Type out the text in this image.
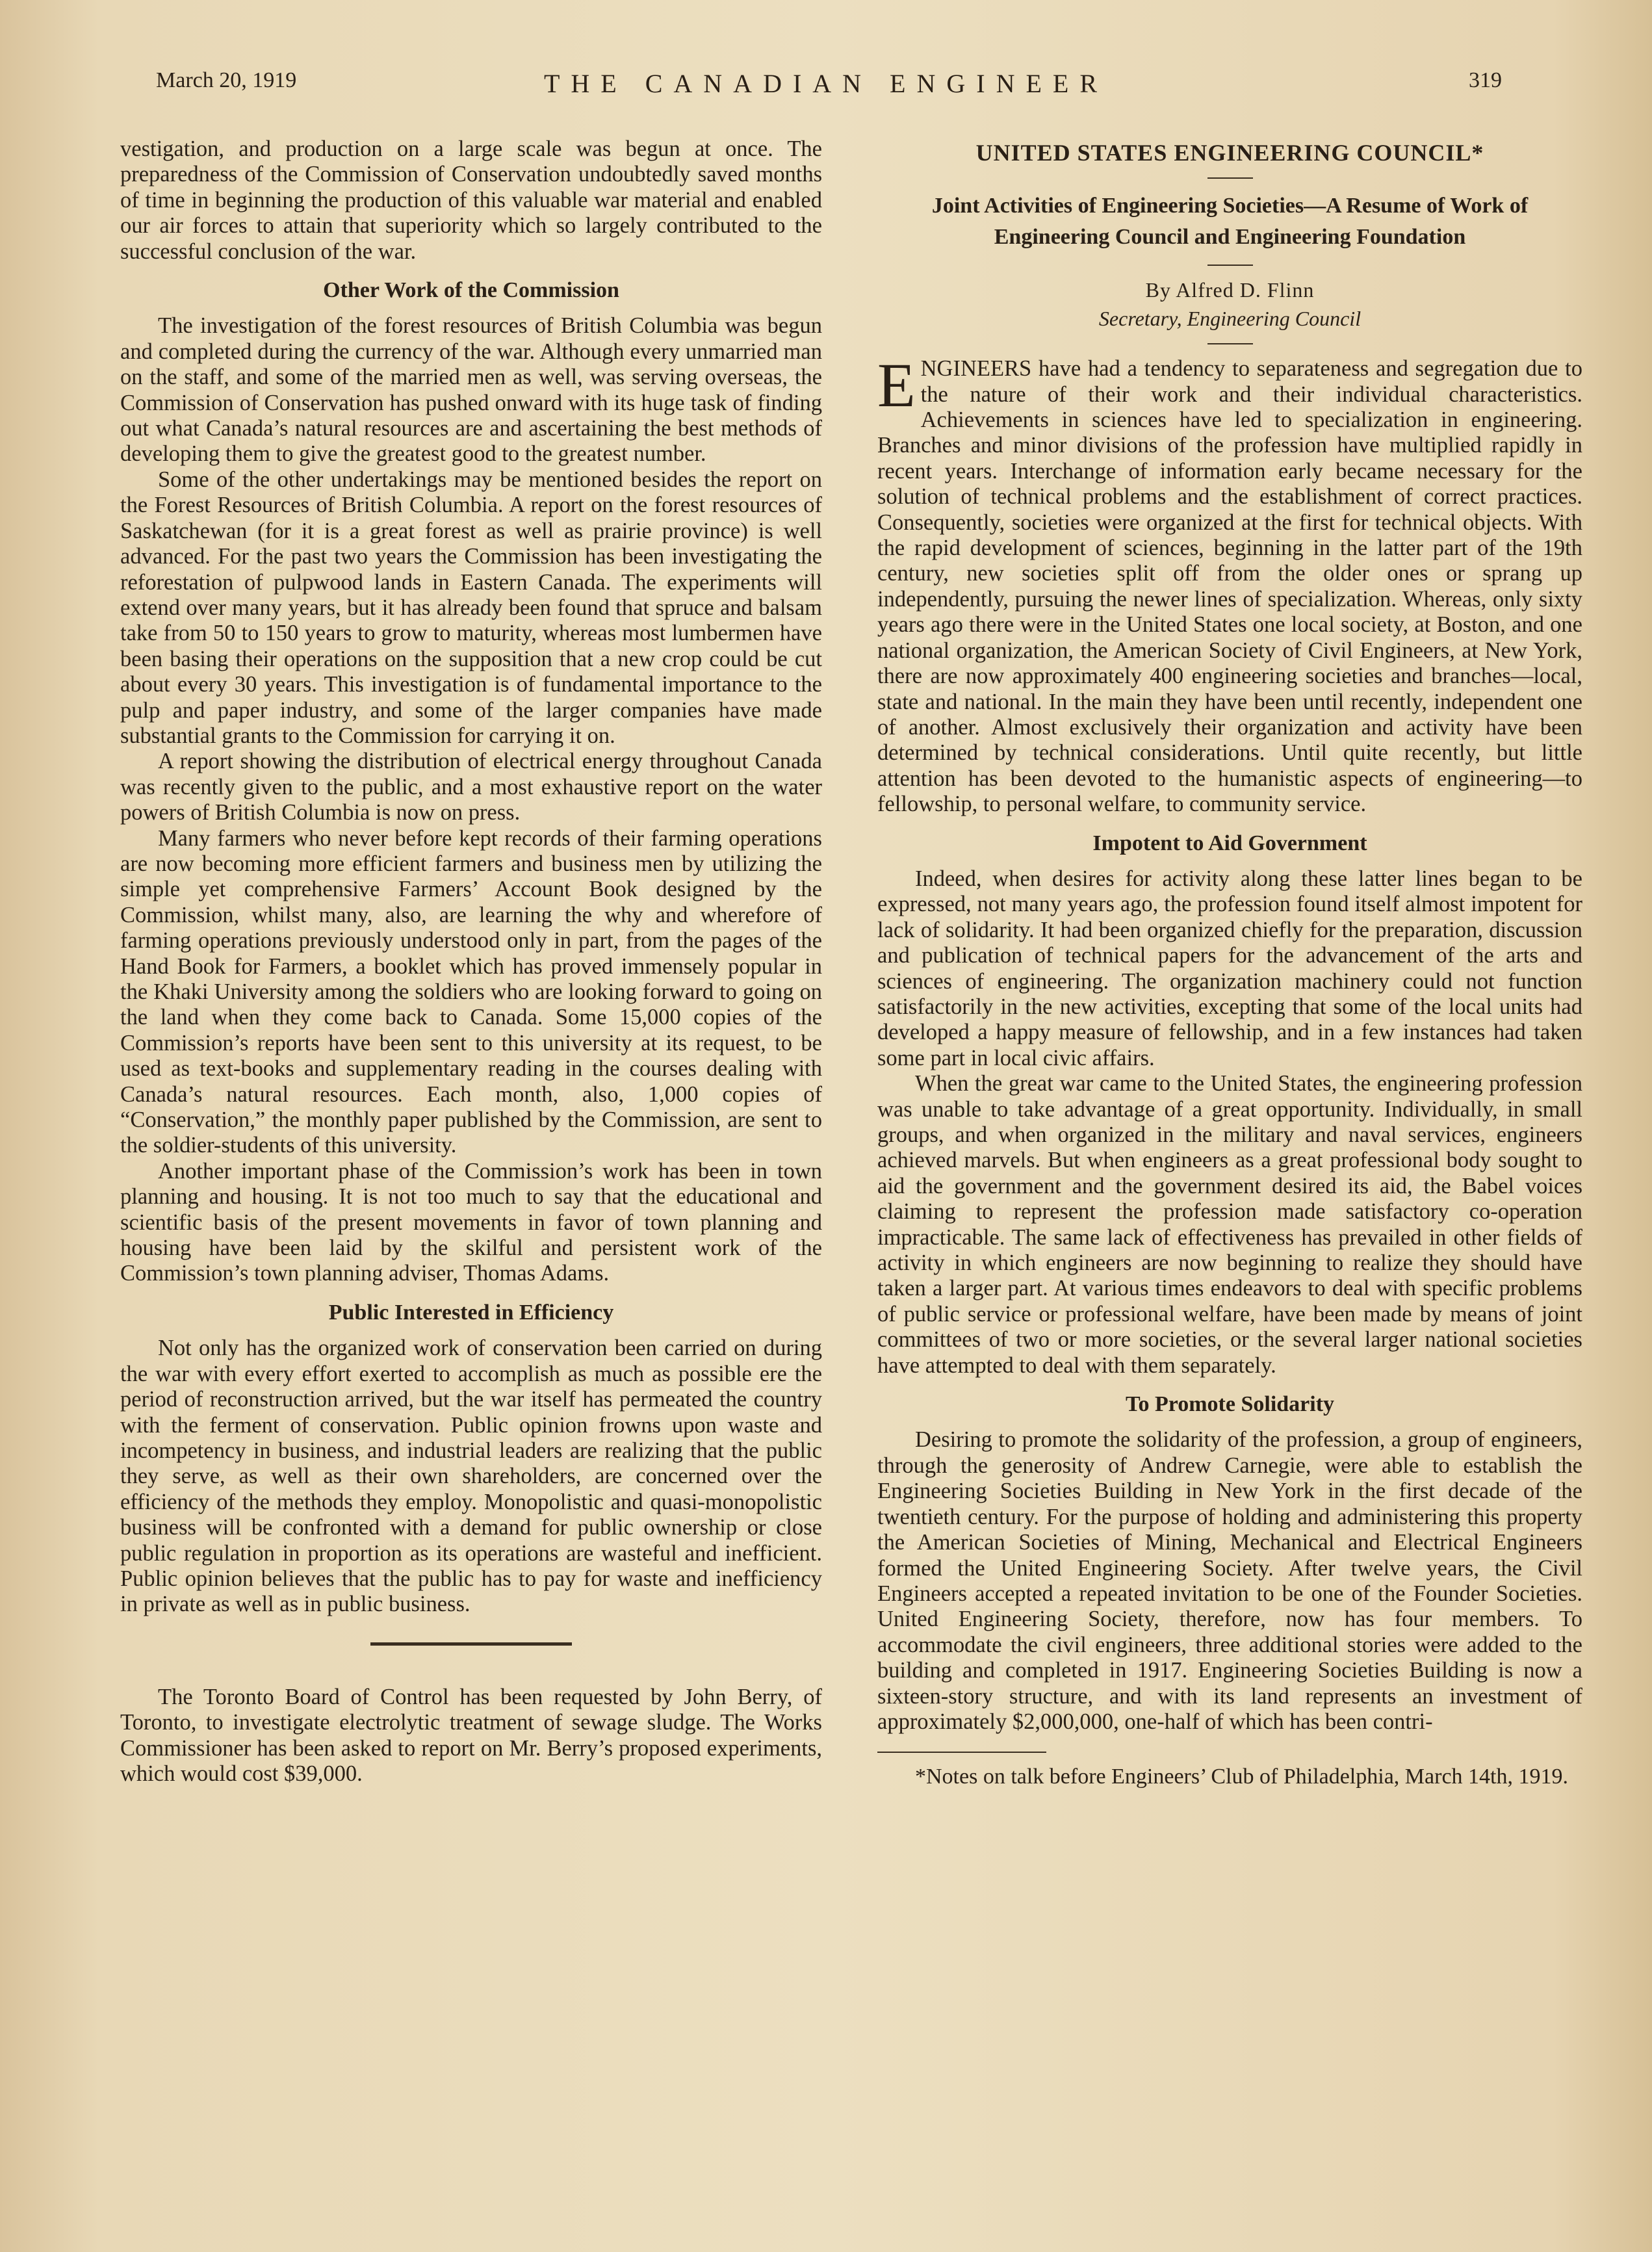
March 20, 1919	THE CANADIAN ENGINEER	319

vestigation, and production on a large scale was begun at once. The preparedness of the Commission of Conservation undoubtedly saved months of time in beginning the production of this valuable war material and enabled our air forces to attain that superiority which so largely contributed to the successful conclusion of the war.

Other Work of the Commission

The investigation of the forest resources of British Columbia was begun and completed during the currency of the war. Although every unmarried man on the staff, and some of the married men as well, was serving overseas, the Commission of Conservation has pushed onward with its huge task of finding out what Canada’s natural resources are and ascertaining the best methods of developing them to give the greatest good to the greatest number.

Some of the other undertakings may be mentioned besides the report on the Forest Resources of British Columbia. A report on the forest resources of Saskatchewan (for it is a great forest as well as prairie province) is well advanced. For the past two years the Commission has been investigating the reforestation of pulpwood lands in Eastern Canada. The experiments will extend over many years, but it has already been found that spruce and balsam take from 50 to 150 years to grow to maturity, whereas most lumbermen have been basing their operations on the supposition that a new crop could be cut about every 30 years. This investigation is of fundamental importance to the pulp and paper industry, and some of the larger companies have made substantial grants to the Commission for carrying it on.

A report showing the distribution of electrical energy throughout Canada was recently given to the public, and a most exhaustive report on the water powers of British Columbia is now on press.

Many farmers who never before kept records of their farming operations are now becoming more efficient farmers and business men by utilizing the simple yet comprehensive Farmers’ Account Book designed by the Commission, whilst many, also, are learning the why and wherefore of farming operations previously understood only in part, from the pages of the Hand Book for Farmers, a booklet which has proved immensely popular in the Khaki University among the soldiers who are looking forward to going on the land when they come back to Canada. Some 15,000 copies of the Commission’s reports have been sent to this university at its request, to be used as text-books and supplementary reading in the courses dealing with Canada’s natural resources. Each month, also, 1,000 copies of “Conservation,” the monthly paper published by the Commission, are sent to the soldier-students of this university.

Another important phase of the Commission’s work has been in town planning and housing. It is not too much to say that the educational and scientific basis of the present movements in favor of town planning and housing have been laid by the skilful and persistent work of the Commission’s town planning adviser, Thomas Adams.

Public Interested in Efficiency

Not only has the organized work of conservation been carried on during the war with every effort exerted to accomplish as much as possible ere the period of reconstruction arrived, but the war itself has permeated the country with the ferment of conservation. Public opinion frowns upon waste and incompetency in business, and industrial leaders are realizing that the public they serve, as well as their own shareholders, are concerned over the efficiency of the methods they employ. Monopolistic and quasi-monopolistic business will be confronted with a demand for public ownership or close public regulation in proportion as its operations are wasteful and inefficient. Public opinion believes that the public has to pay for waste and inefficiency in private as well as in public business.

The Toronto Board of Control has been requested by John Berry, of Toronto, to investigate electrolytic treatment of sewage sludge. The Works Commissioner has been asked to report on Mr. Berry’s proposed experiments, which would cost $39,000.

UNITED STATES ENGINEERING COUNCIL*
Joint Activities of Engineering Societies—A Resume of Work of Engineering Council and Engineering Foundation
By Alfred D. Flinn
Secretary, Engineering Council

ENGINEERS have had a tendency to separateness and segregation due to the nature of their work and their individual characteristics. Achievements in sciences have led to specialization in engineering. Branches and minor divisions of the profession have multiplied rapidly in recent years. Interchange of information early became necessary for the solution of technical problems and the establishment of correct practices. Consequently, societies were organized at the first for technical objects. With the rapid development of sciences, beginning in the latter part of the 19th century, new societies split off from the older ones or sprang up independently, pursuing the newer lines of specialization. Whereas, only sixty years ago there were in the United States one local society, at Boston, and one national organization, the American Society of Civil Engineers, at New York, there are now approximately 400 engineering societies and branches—local, state and national. In the main they have been until recently, independent one of another. Almost exclusively their organization and activity have been determined by technical considerations. Until quite recently, but little attention has been devoted to the humanistic aspects of engineering—to fellowship, to personal welfare, to community service.

Impotent to Aid Government

Indeed, when desires for activity along these latter lines began to be expressed, not many years ago, the profession found itself almost impotent for lack of solidarity. It had been organized chiefly for the preparation, discussion and publication of technical papers for the advancement of the arts and sciences of engineering. The organization machinery could not function satisfactorily in the new activities, excepting that some of the local units had developed a happy measure of fellowship, and in a few instances had taken some part in local civic affairs.

When the great war came to the United States, the engineering profession was unable to take advantage of a great opportunity. Individually, in small groups, and when organized in the military and naval services, engineers achieved marvels. But when engineers as a great professional body sought to aid the government and the government desired its aid, the Babel voices claiming to represent the profession made satisfactory co-operation impracticable. The same lack of effectiveness has prevailed in other fields of activity in which engineers are now beginning to realize they should have taken a larger part. At various times endeavors to deal with specific problems of public service or professional welfare, have been made by means of joint committees of two or more societies, or the several larger national societies have attempted to deal with them separately.

To Promote Solidarity

Desiring to promote the solidarity of the profession, a group of engineers, through the generosity of Andrew Carnegie, were able to establish the Engineering Societies Building in New York in the first decade of the twentieth century. For the purpose of holding and administering this property the American Societies of Mining, Mechanical and Electrical Engineers formed the United Engineering Society. After twelve years, the Civil Engineers accepted a repeated invitation to be one of the Founder Societies. United Engineering Society, therefore, now has four members. To accommodate the civil engineers, three additional stories were added to the building and completed in 1917. Engineering Societies Building is now a sixteen-story structure, and with its land represents an investment of approximately $2,000,000, one-half of which has been contri-

*Notes on talk before Engineers’ Club of Philadelphia, March 14th, 1919.
